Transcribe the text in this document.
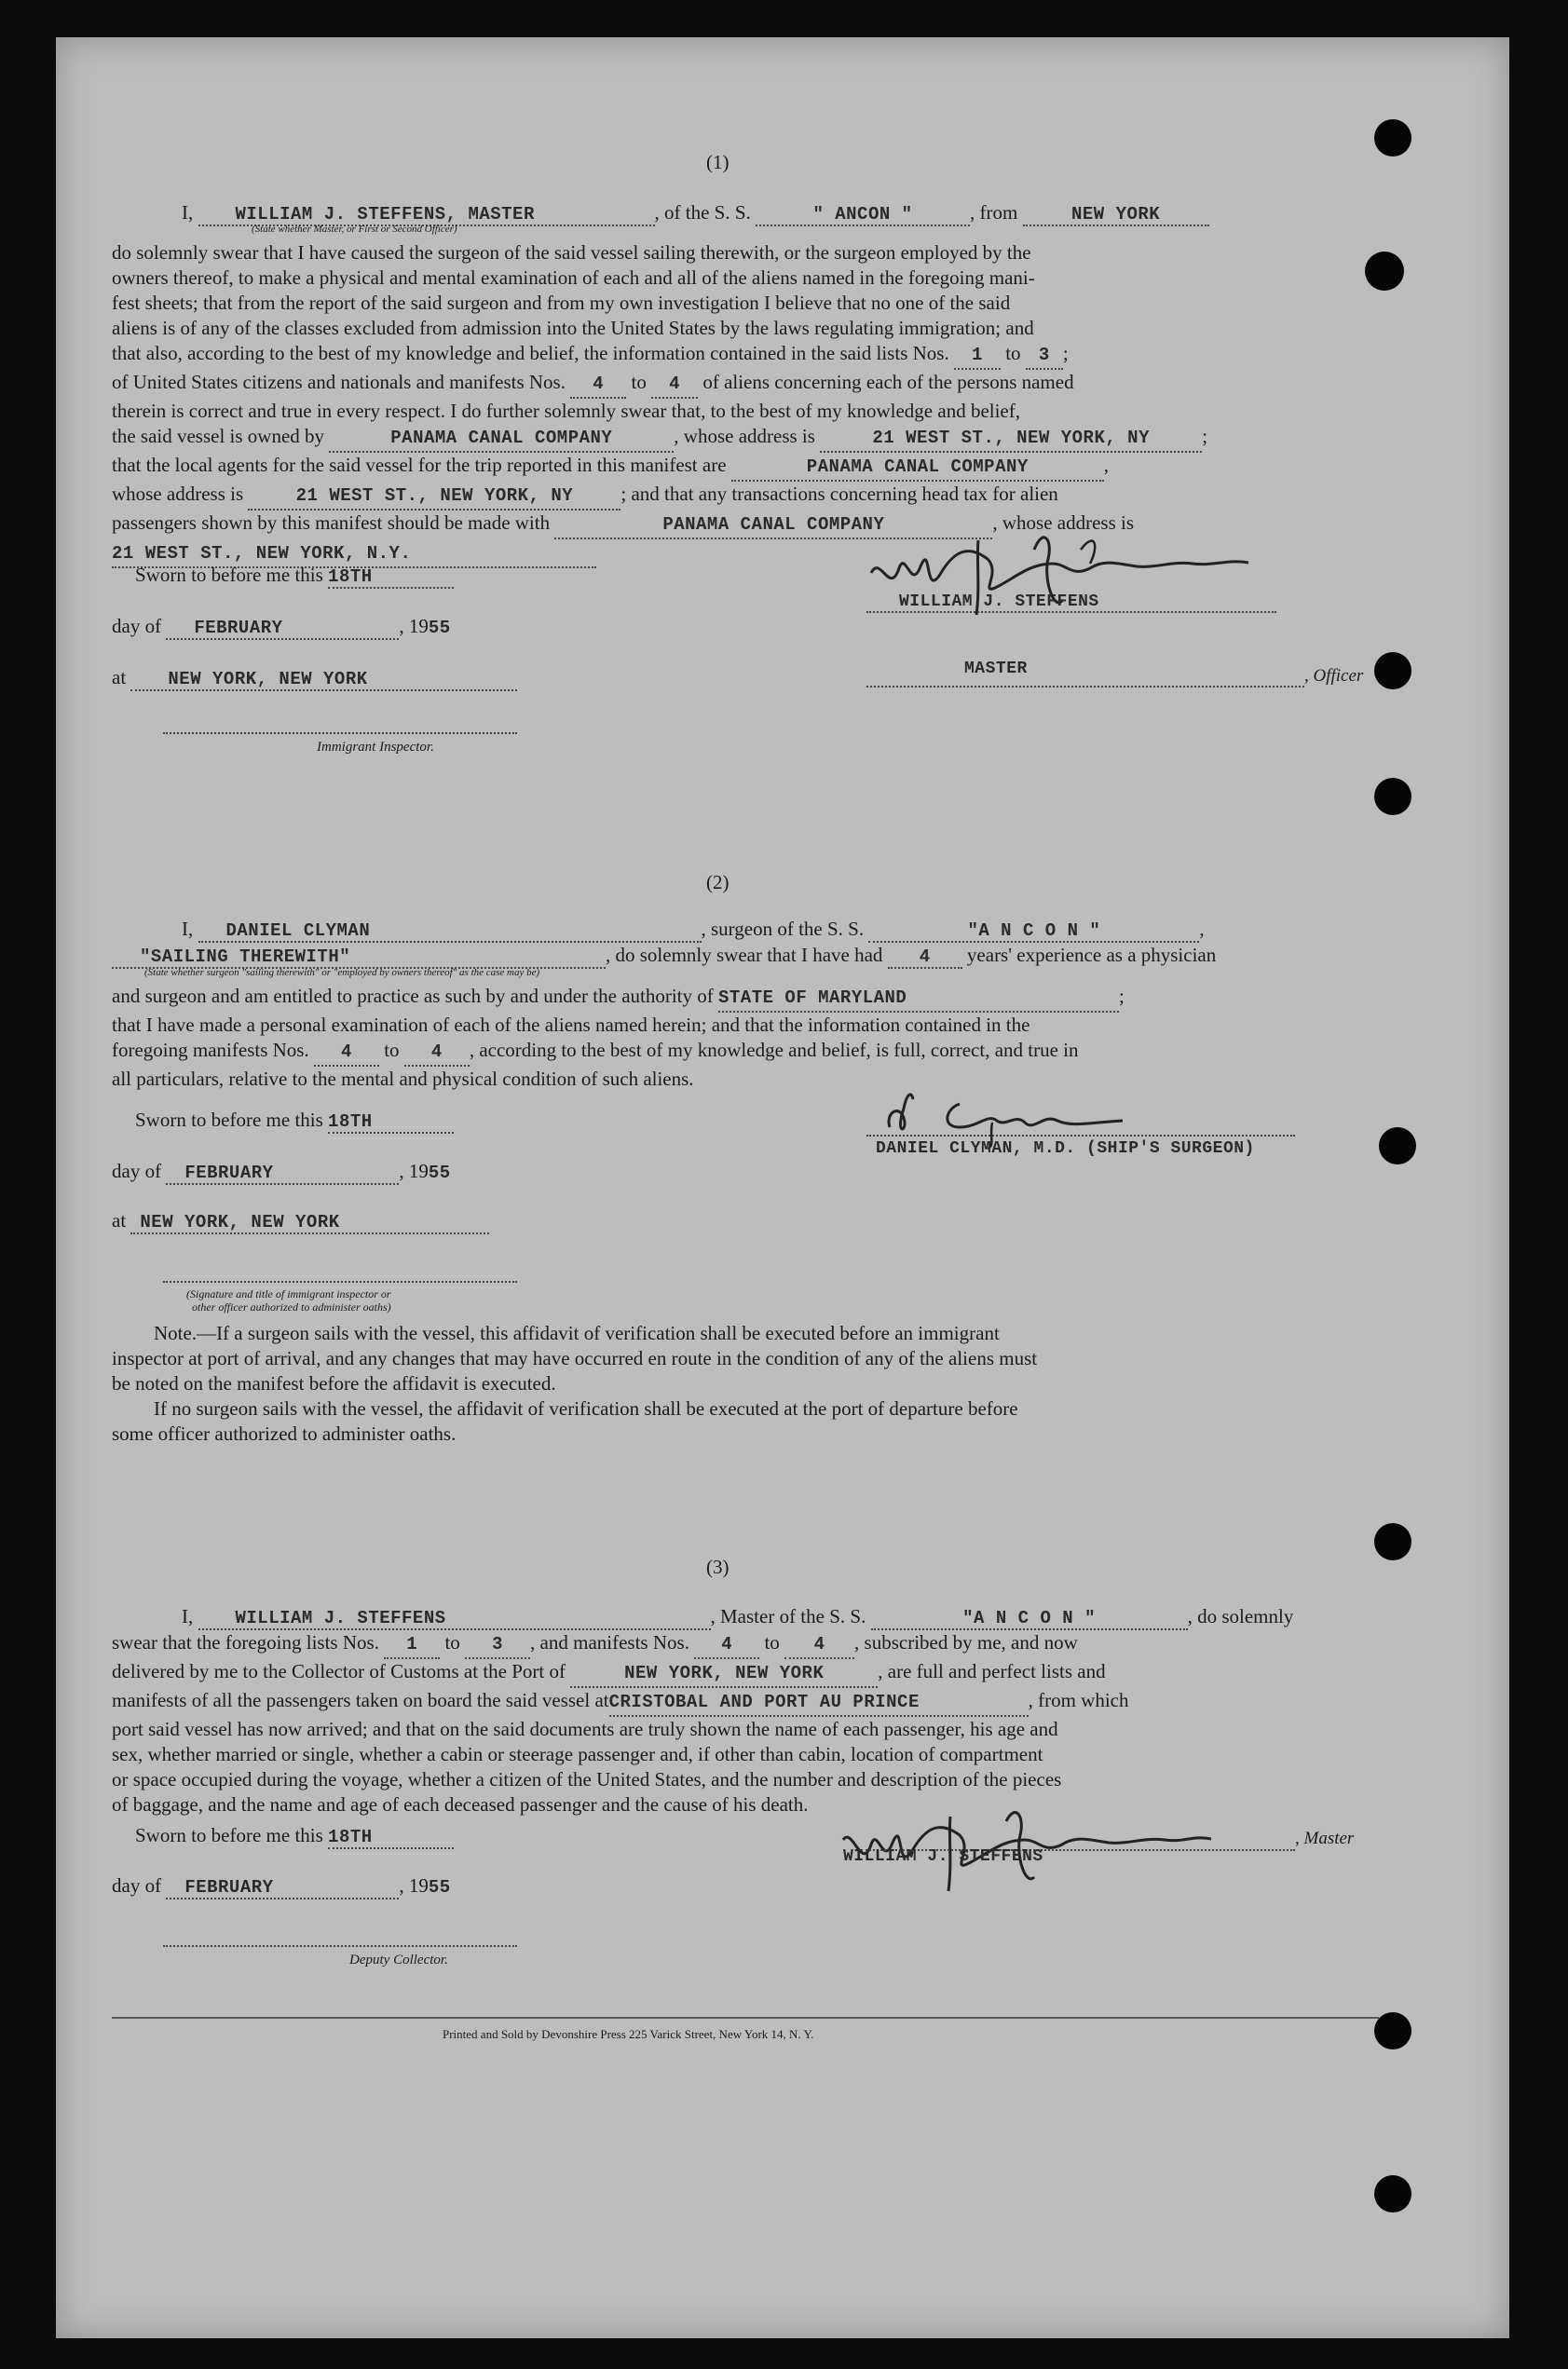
(1)
I, WILLIAM J. STEFFENS, MASTER	, of the S. S.	" ANCON "	, from	NEW YORK
(State whether Master, or First or Second Officer)
do solemnly swear that I have caused the surgeon of the said vessel sailing therewith, or the surgeon employed by the
owners thereof, to make a physical and mental examination of each and all of the aliens named in the foregoing mani-
fest sheets; that from the report of the said surgeon and from my own investigation I believe that no one of the said
aliens is of any of the classes excluded from admission into the United States by the laws regulating immigration; and
that also, according to the best of my knowledge and belief, the information contained in the said lists Nos. 1 to 3 ;
of United States citizens and nationals and manifests Nos. 4 to 4 of aliens concerning each of the persons named
therein is correct and true in every respect. I do further solemnly swear that, to the best of my knowledge and belief,
the said vessel is owned by	PANAMA CANAL COMPANY	, whose address is	21 WEST ST., NEW YORK, NY	;
that the local agents for the said vessel for the trip reported in this manifest are	PANAMA CANAL COMPANY	,
whose address is	21 WEST ST., NEW YORK, NY ; and that any transactions concerning head tax for alien
passengers shown by this manifest should be made with	PANAMA CANAL COMPANY	, whose address is
21 WEST ST., NEW YORK, N.Y.
Sworn to before me this 18TH
day of FEBRUARY	, 1955
at NEW YORK, NEW YORK
Immigrant Inspector.
WILLIAM J. STEFFENS
MASTER	, Officer
(2)
I, DANIEL CLYMAN	, surgeon of the S. S.	"A N C O N "	,
"SAILING THEREWITH"	, do solemnly swear that I have had 4 years' experience as a physician
(State whether surgeon "sailing therewith" or "employed by owners thereof" as the case may be)
and surgeon and am entitled to practice as such by and under the authority of STATE OF MARYLAND	;
that I have made a personal examination of each of the aliens named herein; and that the information contained in the
foregoing manifests Nos. 4 to 4 , according to the best of my knowledge and belief, is full, correct, and true in
all particulars, relative to the mental and physical condition of such aliens.
Sworn to before me this 18TH
day of FEBRUARY	, 1955
at NEW YORK, NEW YORK
(Signature and title of immigrant inspector or
other officer authorized to administer oaths)
DANIEL CLYMAN, M.D. (SHIP'S SURGEON)
Note.—If a surgeon sails with the vessel, this affidavit of verification shall be executed before an immigrant
inspector at port of arrival, and any changes that may have occurred en route in the condition of any of the aliens must
be noted on the manifest before the affidavit is executed.
If no surgeon sails with the vessel, the affidavit of verification shall be executed at the port of departure before
some officer authorized to administer oaths.
(3)
I, WILLIAM J. STEFFENS	, Master of the S. S.	"A N C O N "	, do solemnly
swear that the foregoing lists Nos. 1 to 3 , and manifests Nos. 4 to 4 , subscribed by me, and now
delivered by me to the Collector of Customs at the Port of	NEW YORK, NEW YORK	, are full and perfect lists and
manifests of all the passengers taken on board the said vessel atCRISTOBAL AND PORT AU PRINCE	, from which
port said vessel has now arrived; and that on the said documents are truly shown the name of each passenger, his age and
sex, whether married or single, whether a cabin or steerage passenger and, if other than cabin, location of compartment
or space occupied during the voyage, whether a citizen of the United States, and the number and description of the pieces
of baggage, and the name and age of each deceased passenger and the cause of his death.
Sworn to before me this 18TH
day of FEBRUARY	, 1955
Deputy Collector.
WILLIAM J. STEFFENS
, Master
Printed and Sold by Devonshire Press 225 Varick Street, New York 14, N. Y.
